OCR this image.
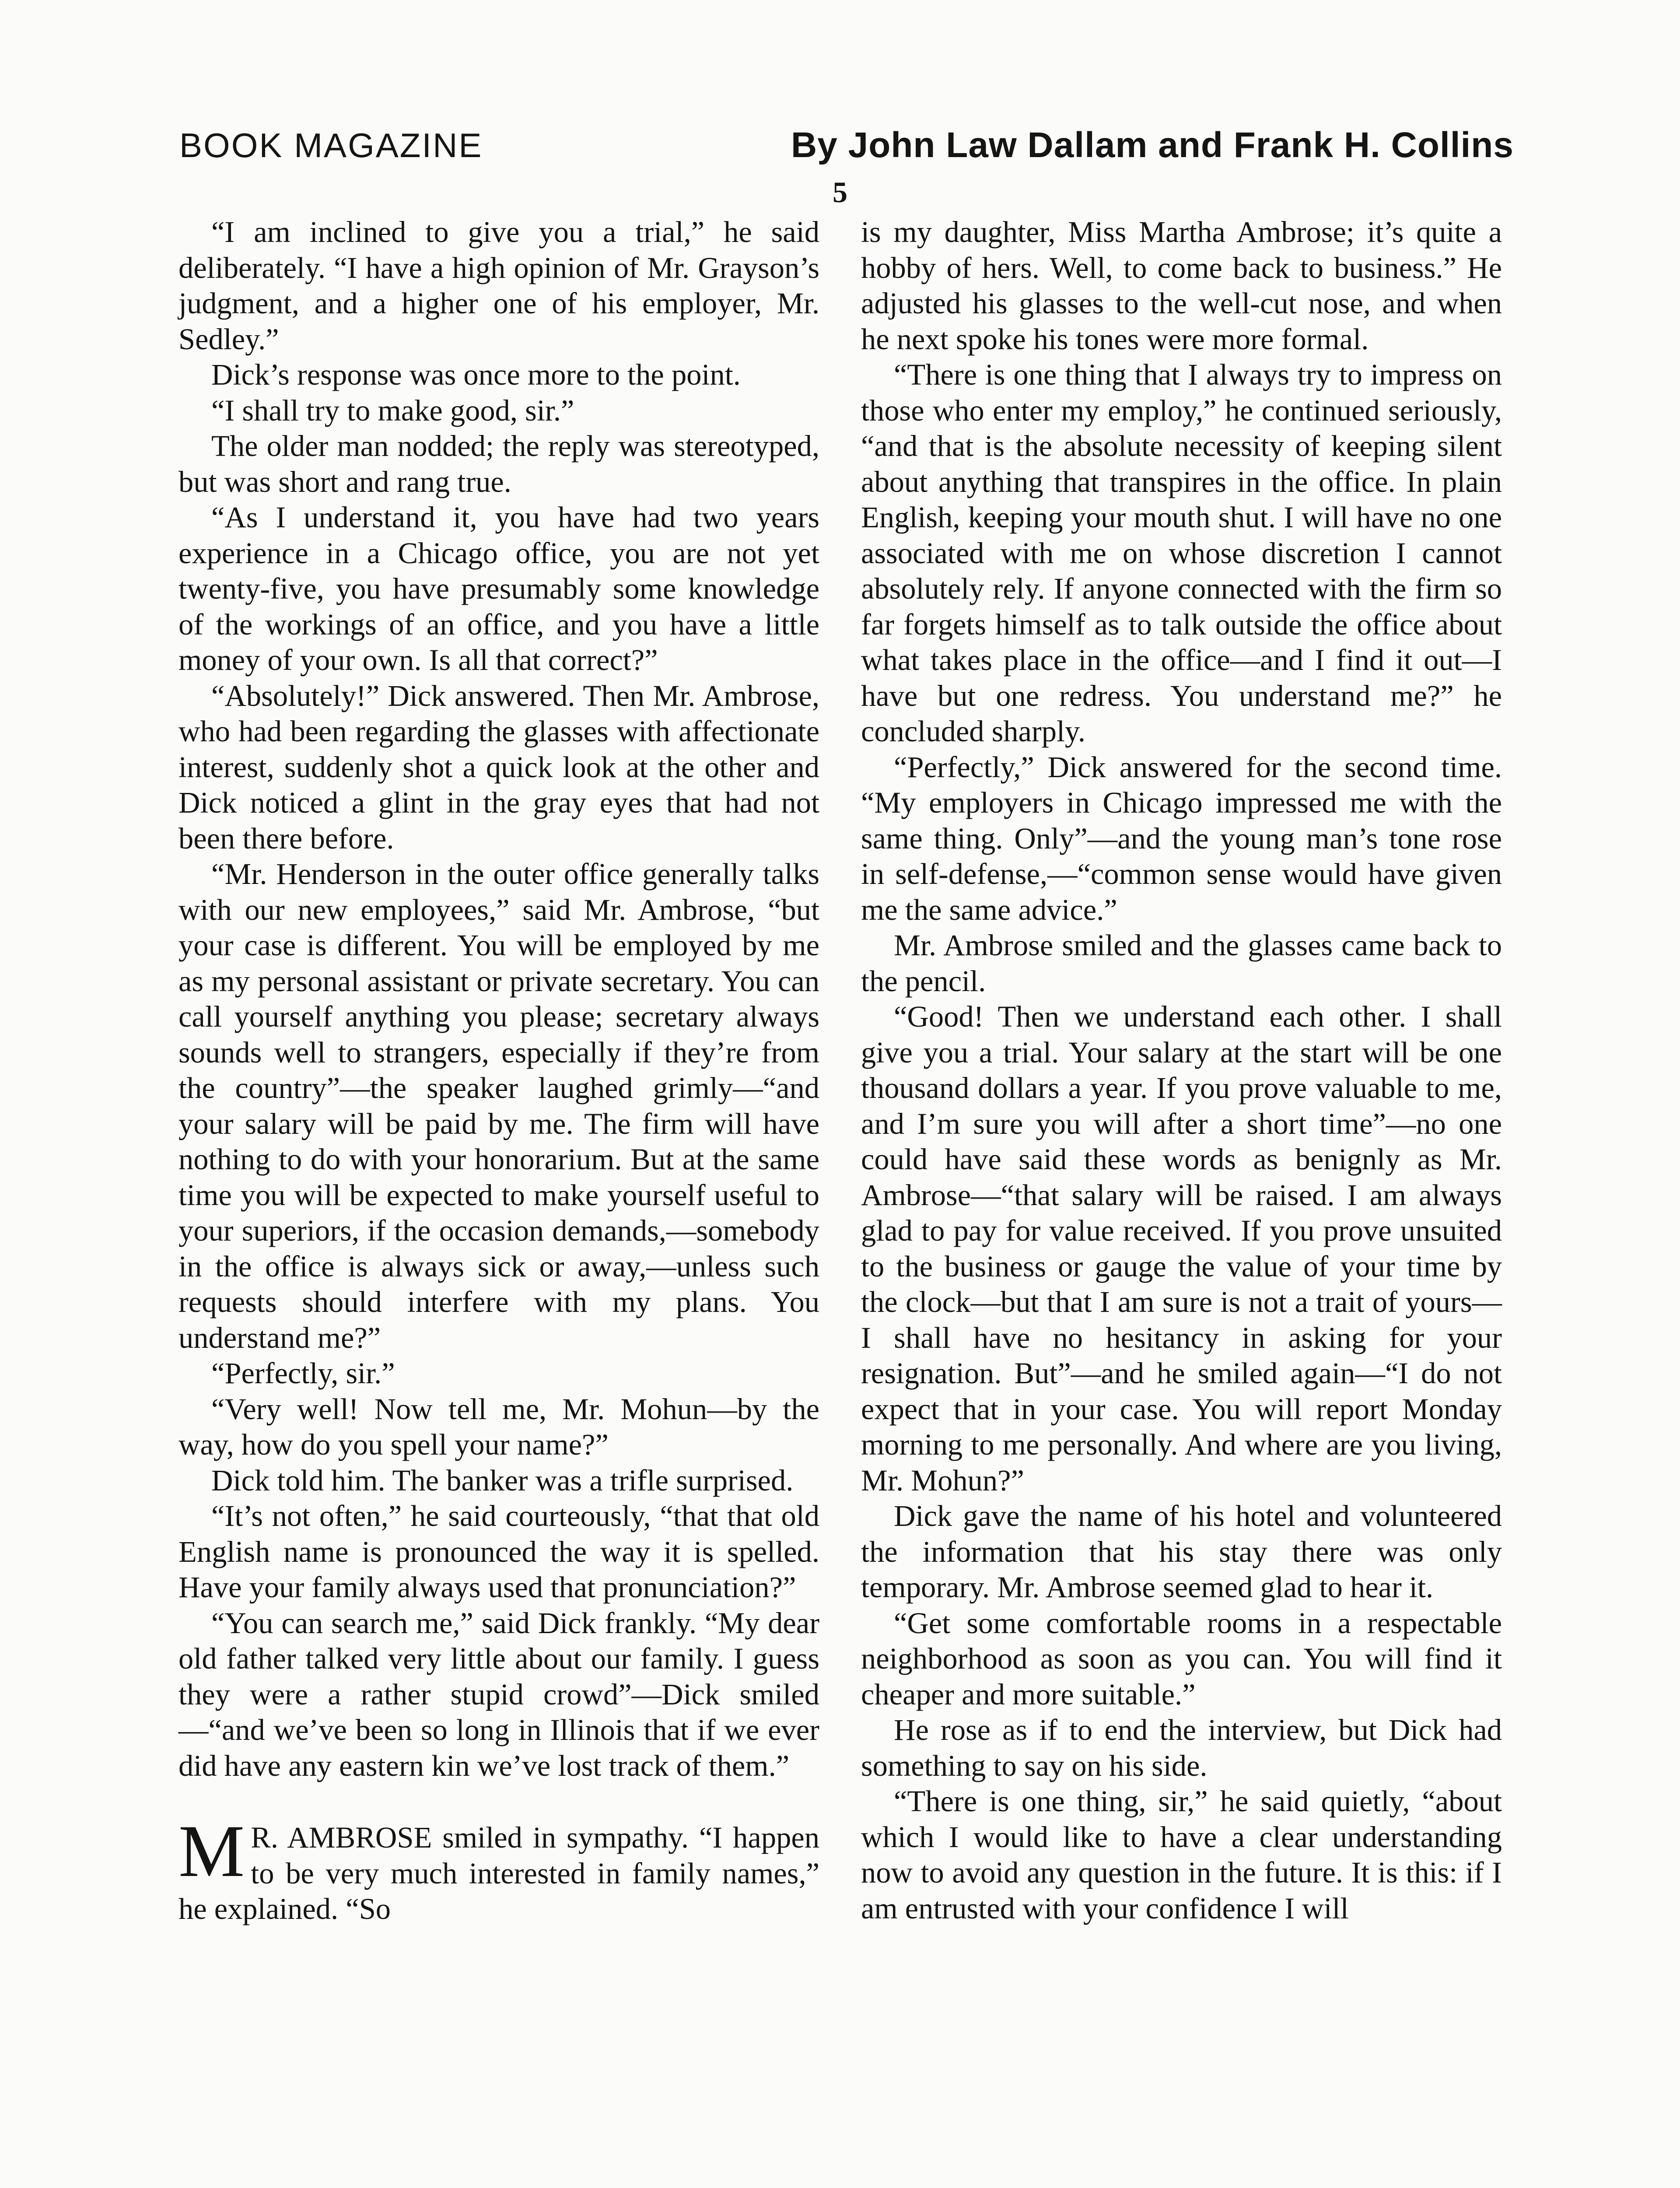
BOOK MAGAZINE	By John Law Dallam and Frank H. Collins
5

“I am inclined to give you a trial,” he said deliberately. “I have a high opinion of Mr. Grayson’s judgment, and a higher one of his employer, Mr. Sedley.”

Dick’s response was once more to the point.

“I shall try to make good, sir.”

The older man nodded; the reply was stereotyped, but was short and rang true.

“As I understand it, you have had two years experience in a Chicago office, you are not yet twenty-five, you have presumably some knowledge of the workings of an office, and you have a little money of your own. Is all that correct?”

“Absolutely!” Dick answered. Then Mr. Ambrose, who had been regarding the glasses with affectionate interest, suddenly shot a quick look at the other and Dick noticed a glint in the gray eyes that had not been there before.

“Mr. Henderson in the outer office generally talks with our new employees,” said Mr. Ambrose, “but your case is different. You will be employed by me as my personal assistant or private secretary. You can call yourself anything you please; secretary always sounds well to strangers, especially if they’re from the country”—the speaker laughed grimly—“and your salary will be paid by me. The firm will have nothing to do with your honorarium. But at the same time you will be expected to make yourself useful to your superiors, if the occasion demands,—somebody in the office is always sick or away,—unless such requests should interfere with my plans. You understand me?”

“Perfectly, sir.”

“Very well! Now tell me, Mr. Mohun—by the way, how do you spell your name?”

Dick told him. The banker was a trifle surprised.

“It’s not often,” he said courteously, “that that old English name is pronounced the way it is spelled. Have your family always used that pronunciation?”

“You can search me,” said Dick frankly. “My dear old father talked very little about our family. I guess they were a rather stupid crowd”—Dick smiled—“and we’ve been so long in Illinois that if we ever did have any eastern kin we’ve lost track of them.”

M R. AMBROSE smiled in sympathy. “I happen to be very much interested in family names,” he explained. “So

is my daughter, Miss Martha Ambrose; it’s quite a hobby of hers. Well, to come back to business.” He adjusted his glasses to the well-cut nose, and when he next spoke his tones were more formal.

“There is one thing that I always try to impress on those who enter my employ,” he continued seriously, “and that is the absolute necessity of keeping silent about anything that transpires in the office. In plain English, keeping your mouth shut. I will have no one associated with me on whose discretion I cannot absolutely rely. If anyone connected with the firm so far forgets himself as to talk outside the office about what takes place in the office—and I find it out—I have but one redress. You understand me?” he concluded sharply.

“Perfectly,” Dick answered for the second time. “My employers in Chicago impressed me with the same thing. Only”—and the young man’s tone rose in self-defense,—“common sense would have given me the same advice.”

Mr. Ambrose smiled and the glasses came back to the pencil.

“Good! Then we understand each other. I shall give you a trial. Your salary at the start will be one thousand dollars a year. If you prove valuable to me, and I’m sure you will after a short time”—no one could have said these words as benignly as Mr. Ambrose—“that salary will be raised. I am always glad to pay for value received. If you prove unsuited to the business or gauge the value of your time by the clock—but that I am sure is not a trait of yours—I shall have no hesitancy in asking for your resignation. But”—and he smiled again—“I do not expect that in your case. You will report Monday morning to me personally. And where are you living, Mr. Mohun?”

Dick gave the name of his hotel and volunteered the information that his stay there was only temporary. Mr. Ambrose seemed glad to hear it.

“Get some comfortable rooms in a respectable neighborhood as soon as you can. You will find it cheaper and more suitable.”

He rose as if to end the interview, but Dick had something to say on his side.

“There is one thing, sir,” he said quietly, “about which I would like to have a clear understanding now to avoid any question in the future. It is this: if I am entrusted with your confidence I will
